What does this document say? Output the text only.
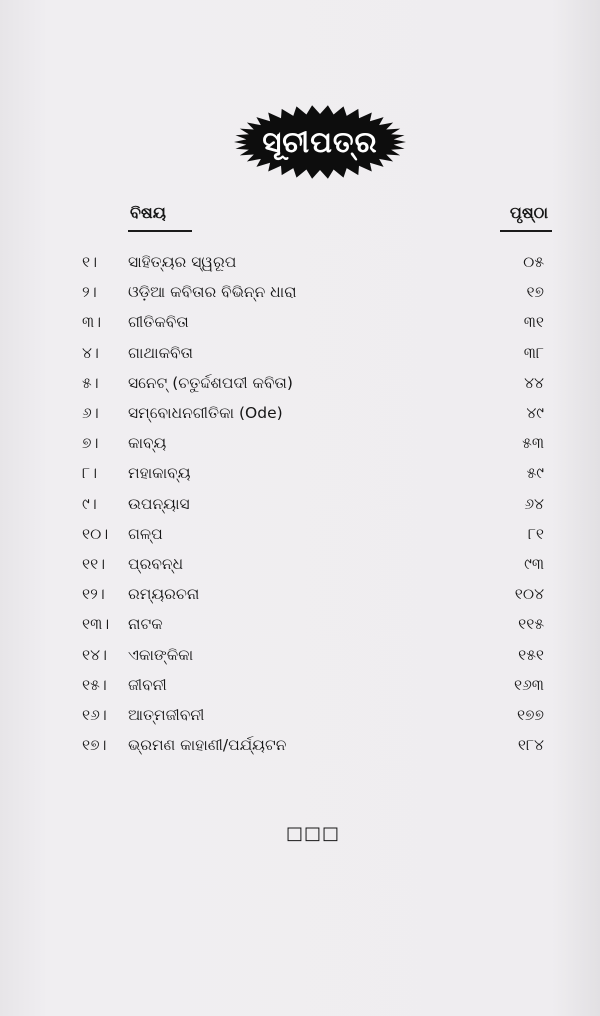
ସୂଚୀପତ୍ର
ବିଷୟ	ପୃଷ୍ଠା
୧।	ସାହିତ୍ୟର ସ୍ୱରୂପ	୦୫
୨।	ଓଡ଼ିଆ କବିତାର ବିଭିନ୍ନ ଧାରା	୧୭
୩।	ଗୀତିକବିତା	୩୧
୪।	ଗାଥାକବିତା	୩୮
୫।	ସନେଟ୍ (ଚତୁର୍ଦ୍ଦଶପଦୀ କବିତା)	୪୪
୬।	ସମ୍ବୋଧନଗୀତିକା (Ode)	୪୯
୭।	କାବ୍ୟ	୫୩
୮।	ମହାକାବ୍ୟ	୫୯
୯।	ଉପନ୍ୟାସ	୬୪
୧୦।	ଗଳ୍ପ	୮୧
୧୧।	ପ୍ରବନ୍ଧ	୯୩
୧୨।	ରମ୍ୟରଚନା	୧୦୪
୧୩।	ନାଟକ	୧୧୫
୧୪।	ଏକାଙ୍କିକା	୧୫୧
୧୫।	ଜୀବନୀ	୧୬୩
୧୬।	ଆତ୍ମଜୀବନୀ	୧୭୭
୧୭।	ଭ୍ରମଣ କାହାଣୀ/ପର୍ଯ୍ୟଟନ	୧୮୪
□□□
